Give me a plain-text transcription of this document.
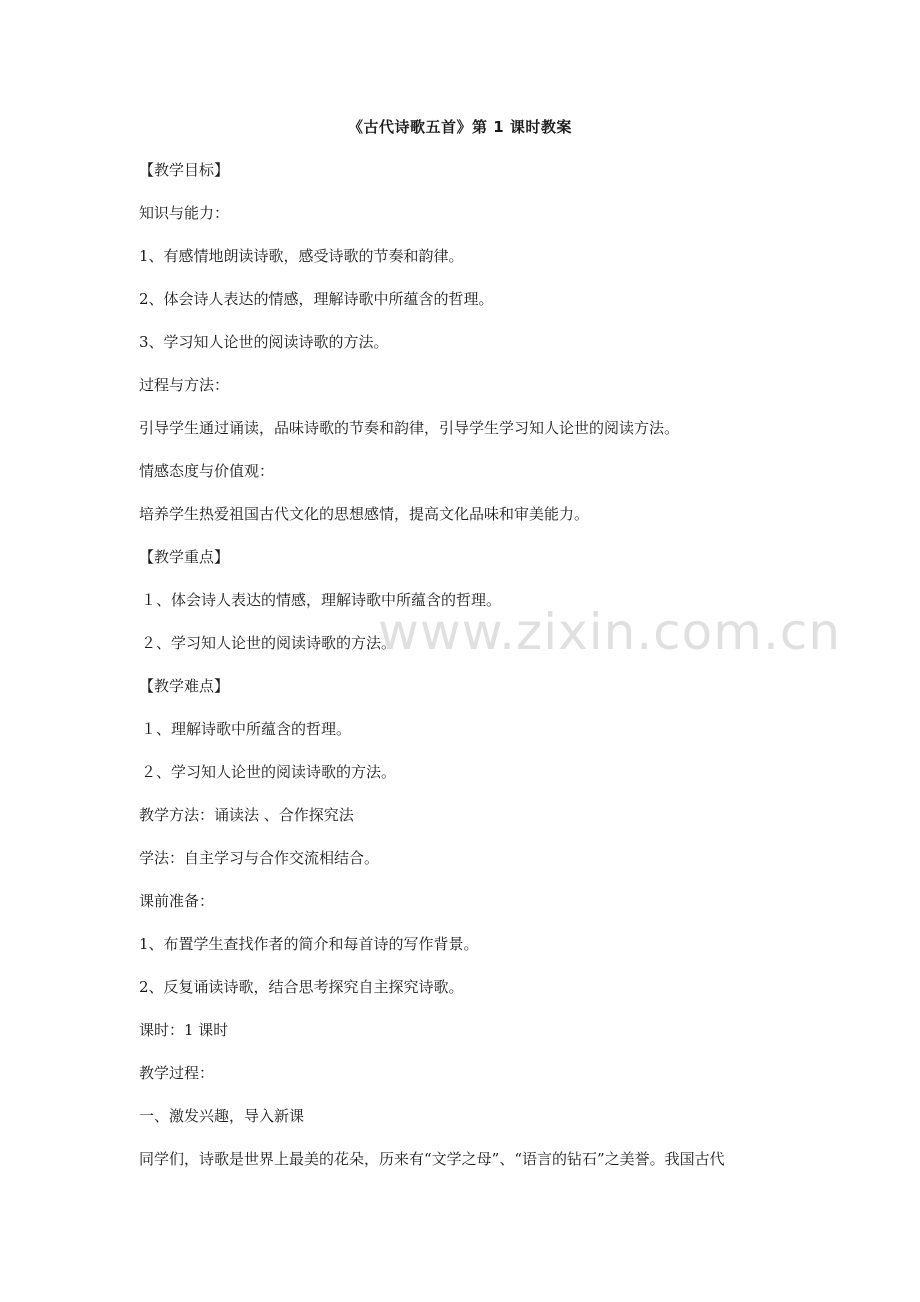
《古代诗歌五首》第 1 课时教案
【教学目标】
知识与能力：
1、有感情地朗读诗歌，感受诗歌的节奏和韵律。
2、体会诗人表达的情感，理解诗歌中所蕴含的哲理。
3、学习知人论世的阅读诗歌的方法。
过程与方法：
引导学生通过诵读，品味诗歌的节奏和韵律，引导学生学习知人论世的阅读方法。
情感态度与价值观：
培养学生热爱祖国古代文化的思想感情，提高文化品味和审美能力。
【教学重点】
１、体会诗人表达的情感，理解诗歌中所蕴含的哲理。
２、学习知人论世的阅读诗歌的方法。
【教学难点】
１、理解诗歌中所蕴含的哲理。
２、学习知人论世的阅读诗歌的方法。
教学方法：诵读法 、合作探究法
学法：自主学习与合作交流相结合。
课前准备：
1、布置学生查找作者的简介和每首诗的写作背景。
2、反复诵读诗歌，结合思考探究自主探究诗歌。
课时：1 课时
教学过程：
一、激发兴趣，导入新课
同学们，诗歌是世界上最美的花朵，历来有“文学之母”、“语言的钻石”之美誉。我国古代
www.zixin.com.cn
